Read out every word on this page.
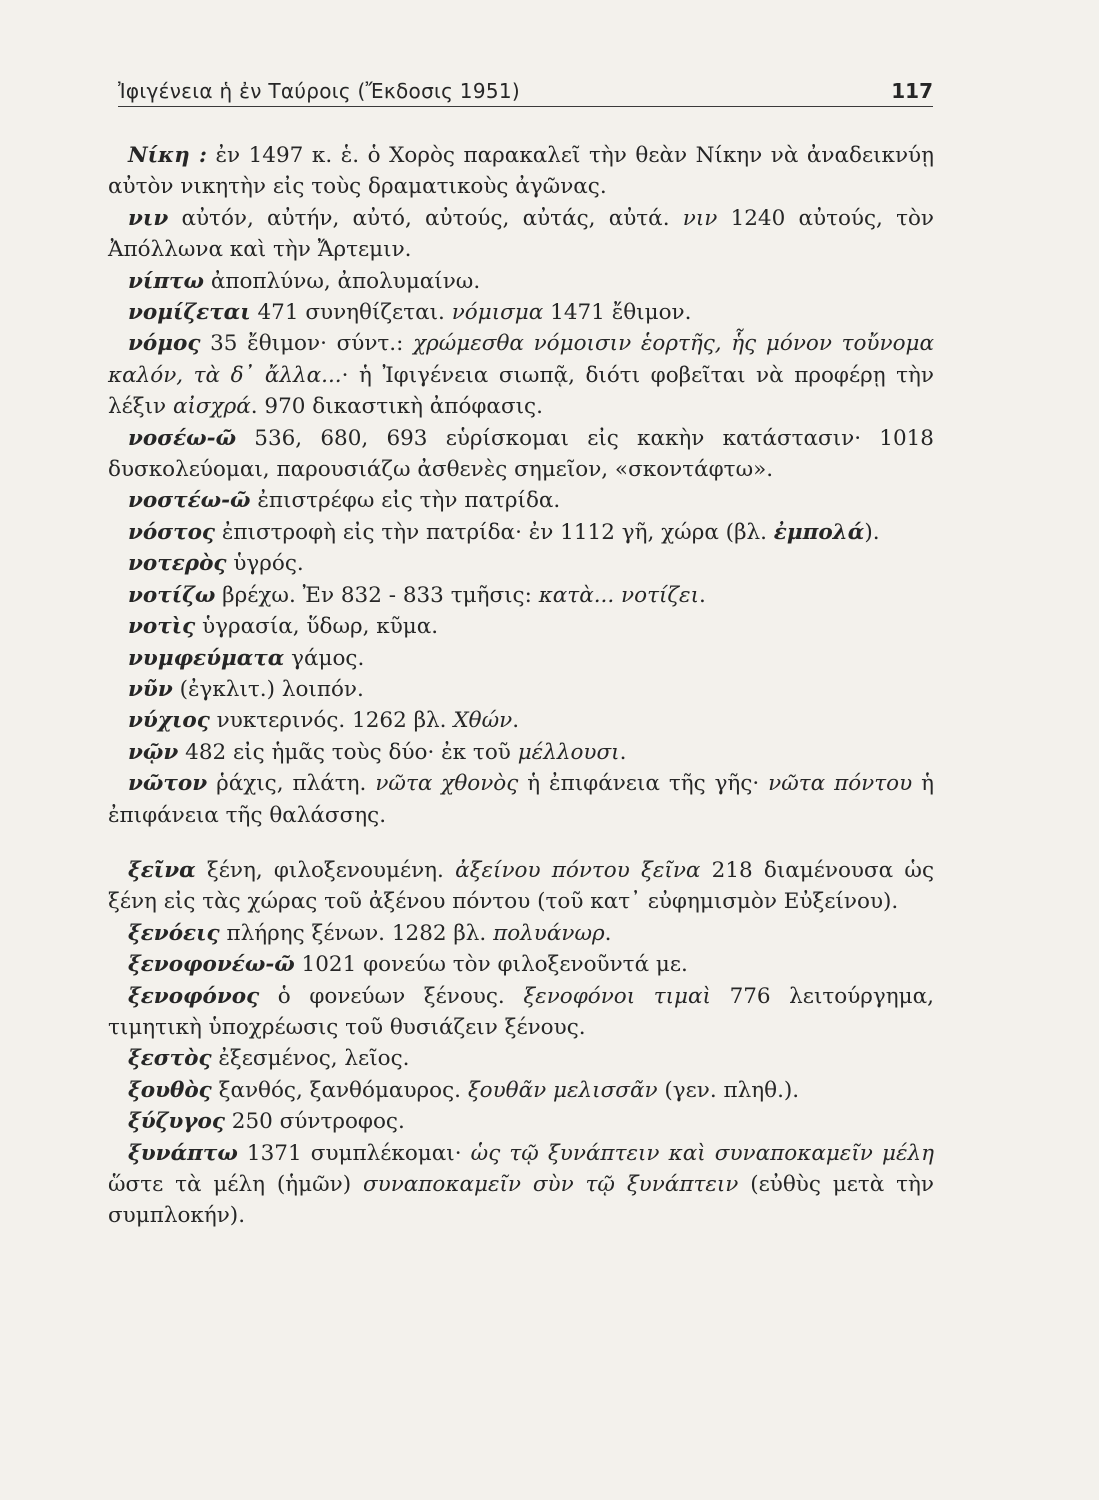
Ἰφιγένεια ἡ ἐν Ταύροις (Ἔκδοσις 1951)	117

Νίκη : ἐν 1497 κ. ἑ. ὁ Χορὸς παρακαλεῖ τὴν θεὰν Νίκην νὰ ἀναδεικνύῃ αὐτὸν νικητὴν εἰς τοὺς δραματικοὺς ἀγῶνας.

νιν αὐτόν, αὐτήν, αὐτό, αὐτούς, αὐτάς, αὐτά. νιν 1240 αὐτούς, τὸν Ἀπόλλωνα καὶ τὴν Ἄρτεμιν.

νίπτω ἀποπλύνω, ἀπολυμαίνω.

νομίζεται 471 συνηθίζεται. νόμισμα 1471 ἔθιμον.

νόμος 35 ἔθιμον· σύντ.: χρώμεσθα νόμοισιν ἑορτῆς, ἧς μόνον τοὔνομα καλόν, τὰ δ᾽ ἄλλα...· ἡ Ἰφιγένεια σιωπᾷ, διότι φοβεῖται νὰ προφέρῃ τὴν λέξιν αἰσχρά. 970 δικαστικὴ ἀπόφασις.

νοσέω-ῶ 536, 680, 693 εὑρίσκομαι εἰς κακὴν κατάστασιν· 1018 δυσκολεύομαι, παρουσιάζω ἀσθενὲς σημεῖον, «σκοντάφτω».

νοστέω-ῶ ἐπιστρέφω εἰς τὴν πατρίδα.

νόστος ἐπιστροφὴ εἰς τὴν πατρίδα· ἐν 1112 γῆ, χώρα (βλ. ἐμπολά).

νοτερὸς ὑγρός.

νοτίζω βρέχω. Ἐν 832 - 833 τμῆσις: κατὰ... νοτίζει.

νοτὶς ὑγρασία, ὕδωρ, κῦμα.

νυμφεύματα γάμος.

νῦν (ἐγκλιτ.) λοιπόν.

νύχιος νυκτερινός. 1262 βλ. Χθών.

νῷν 482 εἰς ἡμᾶς τοὺς δύο· ἐκ τοῦ μέλλουσι.

νῶτον ῥάχις, πλάτη. νῶτα χθονὸς ἡ ἐπιφάνεια τῆς γῆς· νῶτα πόντου ἡ ἐπιφάνεια τῆς θαλάσσης.

ξεῖνα ξένη, φιλοξενουμένη. ἀξείνου πόντου ξεῖνα 218 διαμένουσα ὡς ξένη εἰς τὰς χώρας τοῦ ἀξένου πόντου (τοῦ κατ᾽ εὐφημισμὸν Εὐξείνου).

ξενόεις πλήρης ξένων. 1282 βλ. πολυάνωρ.

ξενοφονέω-ῶ 1021 φονεύω τὸν φιλοξενοῦντά με.

ξενοφόνος ὁ φονεύων ξένους. ξενοφόνοι τιμαὶ 776 λειτούργημα, τιμητικὴ ὑποχρέωσις τοῦ θυσιάζειν ξένους.

ξεστὸς ἐξεσμένος, λεῖος.

ξουθὸς ξανθός, ξανθόμαυρος. ξουθᾶν μελισσᾶν (γεν. πληθ.).

ξύζυγος 250 σύντροφος.

ξυνάπτω 1371 συμπλέκομαι· ὡς τῷ ξυνάπτειν καὶ συναποκαμεῖν μέλη ὥστε τὰ μέλη (ἡμῶν) συναποκαμεῖν σὺν τῷ ξυνάπτειν (εὐθὺς μετὰ τὴν συμπλοκήν).
